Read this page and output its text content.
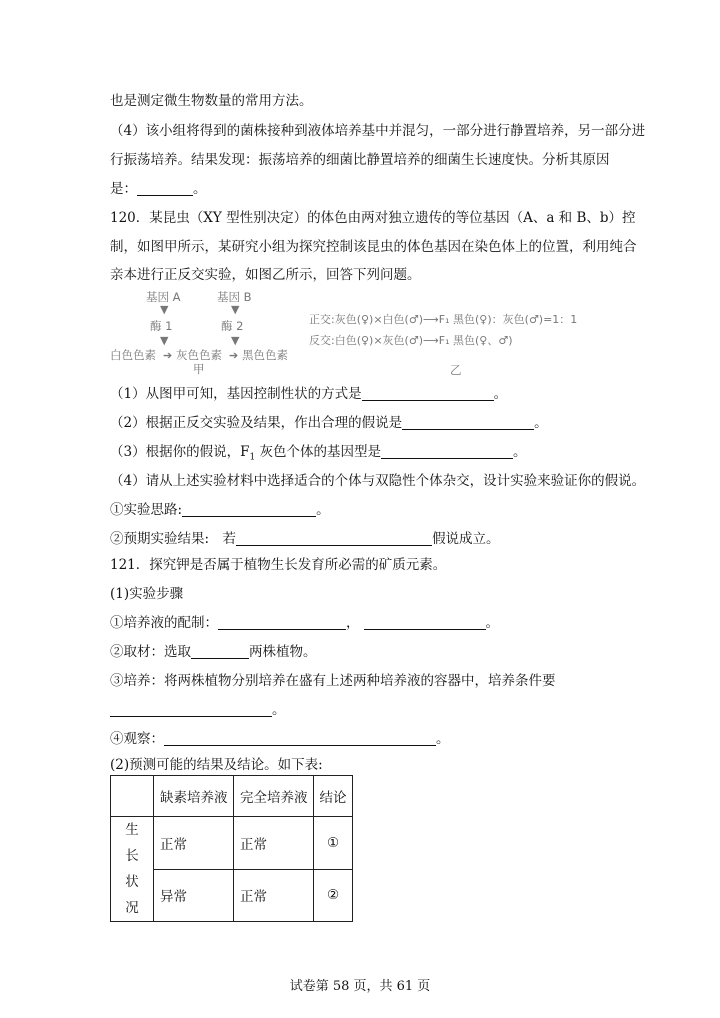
也是测定微生物数量的常用方法。
（4）该小组将得到的菌株接种到液体培养基中并混匀，一部分进行静置培养，另一部分进
行振荡培养。结果发现：振荡培养的细菌比静置培养的细菌生长速度快。分析其原因
是：	。
120．某昆虫（XY 型性别决定）的体色由两对独立遗传的等位基因（A、a 和 B、b）控
制，如图甲所示，某研究小组为探究控制该昆虫的体色基因在染色体上的位置，利用纯合
亲本进行正反交实验，如图乙所示，回答下列问题。
基因 A	基因 B
▼	▼
酶 1	酶 2
▼	▼
白色色素 ➔ 灰色色素 ➔ 黑色色素
甲
正交:灰色(♀)×白色(♂)⟶F₁ 黑色(♀)：灰色(♂)=1：1
反交:白色(♀)×灰色(♂)⟶F₁ 黑色(♀、♂)
乙
（1）从图甲可知，基因控制性状的方式是	。
（2）根据正反交实验及结果，作出合理的假说是	。
（3）根据你的假说，$F_1$ 灰色个体的基因型是	。
（4）请从上述实验材料中选择适合的个体与双隐性个体杂交，设计实验来验证你的假说。
①实验思路:	。
②预期实验结果:　若	假说成立。
121．探究钾是否属于植物生长发育所必需的矿质元素。
(1)实验步骤
①培养液的配制：	，	。
②取材：选取	两株植物。
③培养：将两株植物分别培养在盛有上述两种培养液的容器中，培养条件要
。
④观察：	。
(2)预测可能的结果及结论。如下表:
	缺素培养液	完全培养液	结论
生长状况	正常	正常	①
	异常	正常	②
试卷第 58 页，共 61 页
